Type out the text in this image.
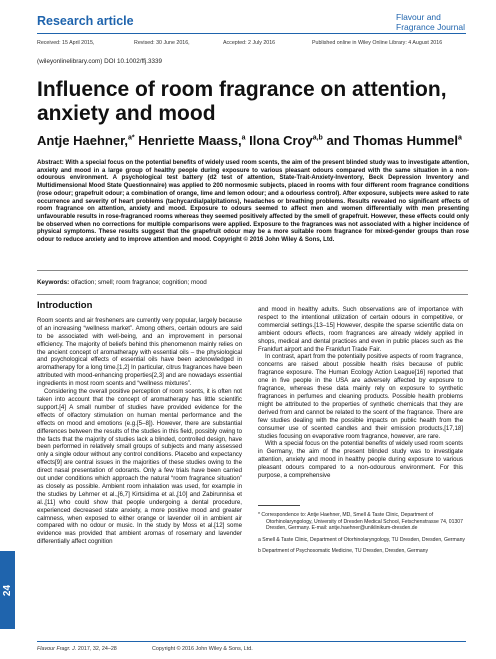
Research article	Flavour and Fragrance Journal
Received: 15 April 2015,	Revised: 30 June 2016,	Accepted: 2 July 2016	Published online in Wiley Online Library: 4 August 2016
(wileyonlinelibrary.com) DOI 10.1002/ffj.3339
Influence of room fragrance on attention, anxiety and mood
Antje Haehner,$^{a*}$ Henriette Maass,$^a$ Ilona Croy$^{a,b}$ and Thomas Hummel$^a$

Abstract: With a special focus on the potential benefits of widely used room scents, the aim of the present blinded study was to investigate attention, anxiety and mood in a large group of healthy people during exposure to various pleasant odours compared with the same situation in a non-odourous environment. A psychological test battery (d2 test of attention, State-Trait-Anxiety-Inventory, Beck Depression Inventory and Multidimensional Mood State Questionnaire) was applied to 200 normosmic subjects, placed in rooms with four different room fragrance conditions (rose odour; grapefruit odour; a combination of orange, lime and lemon odour; and a odourless control). After exposure, subjects were asked to rate occurrence and severity of heart problems (tachycardia/palpitations), headaches or breathing problems. Results revealed no significant effects of room fragrance on attention, anxiety and mood. Exposure to odours seemed to affect men and women differentially with men presenting unfavourable results in rose-fragranced rooms whereas they seemed positively affected by the smell of grapefruit. However, these effects could only be observed when no corrections for multiple comparisons were applied. Exposure to the fragrances was not associated with a higher incidence of physical symptoms. These results suggest that the grapefruit odour may be a more suitable room fragrance for mixed-gender groups than rose odour to reduce anxiety and to improve attention and mood. Copyright © 2016 John Wiley & Sons, Ltd.

Keywords: olfaction; smell; room fragrance; cognition; mood
Introduction

Room scents and air fresheners are currently very popular, largely because of an increasing “wellness market”. Among others, certain odours are said to be associated with well-being, and an improvement in personal efficiency. The majority of beliefs behind this phenomenon mainly relies on the ancient concept of aromatherapy with essential oils – the physiological and psychological effects of essential oils have been acknowledged in aromatherapy for a long time.[1,2] In particular, citrus fragrances have been attributed with mood-enhancing properties[2,3] and are nowadays essential ingredients in most room scents and “wellness mixtures”.

Considering the overall positive perception of room scents, it is often not taken into account that the concept of aromatherapy has little scientific support.[4] A small number of studies have provided evidence for the effects of olfactory stimulation on human mental performance and the effects on mood and emotions (e.g.[5–8]). However, there are substantial differences between the results of the studies in this field, possibly owing to the facts that the majority of studies lack a blinded, controlled design, have been performed in relatively small groups of subjects and many assessed only a single odour without any control conditions. Placebo and expectancy effects[9] are central issues in the majorities of these studies owing to the direct nasal presentation of odorants. Only a few trials have been carried out under conditions which approach the natural “room fragrance situation” as closely as possible. Ambient room inhalation was used, for example in the studies by Lehrner et al.,[6,7] Kirtsidima et al.,[10] and Zabirunnisa et al.,[11] who could show that people undergoing a dental procedure, experienced decreased state anxiety, a more positive mood and greater calmness, when exposed to either orange or lavender oil in ambient air compared with no odour or music. In the study by Moss et al.[12] some evidence was provided that ambient aromas of rosemary and lavender differentially affect cognition

and mood in healthy adults. Such observations are of importance with respect to the intentional utilization of certain odours in competitive, or commercial settings.[13–15] However, despite the sparse scientific data on ambient odours effects, room fragrances are already widely applied in shops, medical and dental practices and even in public places such as the Frankfurt airport and the Frankfurt Trade Fair.

In contrast, apart from the potentially positive aspects of room fragrance, concerns are raised about possible health risks because of public fragrance exposure. The Human Ecology Action League[16] reported that one in five people in the USA are adversely affected by exposure to fragrance, whereas these data mainly rely on exposure to synthetic fragrances in perfumes and cleaning products. Possible health problems might be attributed to the properties of synthetic chemicals that they are derived from and cannot be related to the scent of the fragrance. There are few studies dealing with the possible impacts on public health from the consumer use of scented candles and their emission products,[17,18] studies focusing on evaporative room fragrance, however, are rare.

With a special focus on the potential benefits of widely used room scents in Germany, the aim of the present blinded study was to investigate attention, anxiety and mood in healthy people during exposure to various pleasant odours compared to a non-odourous environment. For this purpose, a comprehensive

* Correspondence to: Antje Haehner, MD, Smell & Taste Clinic, Department of Otorhinolaryngology, University of Dresden Medical School, Fetschenstrasse 74, 01307 Dresden, Germany. E-mail: antje.haehner@uniklinikum-dresden.de
a Smell & Taste Clinic, Department of Otorhinolaryngology, TU Dresden, Dresden, Germany
b Department of Psychosomatic Medicine, TU Dresden, Dresden, Germany
24
Flavour Fragr. J. 2017, 32, 24–28	Copyright © 2016 John Wiley & Sons, Ltd.
